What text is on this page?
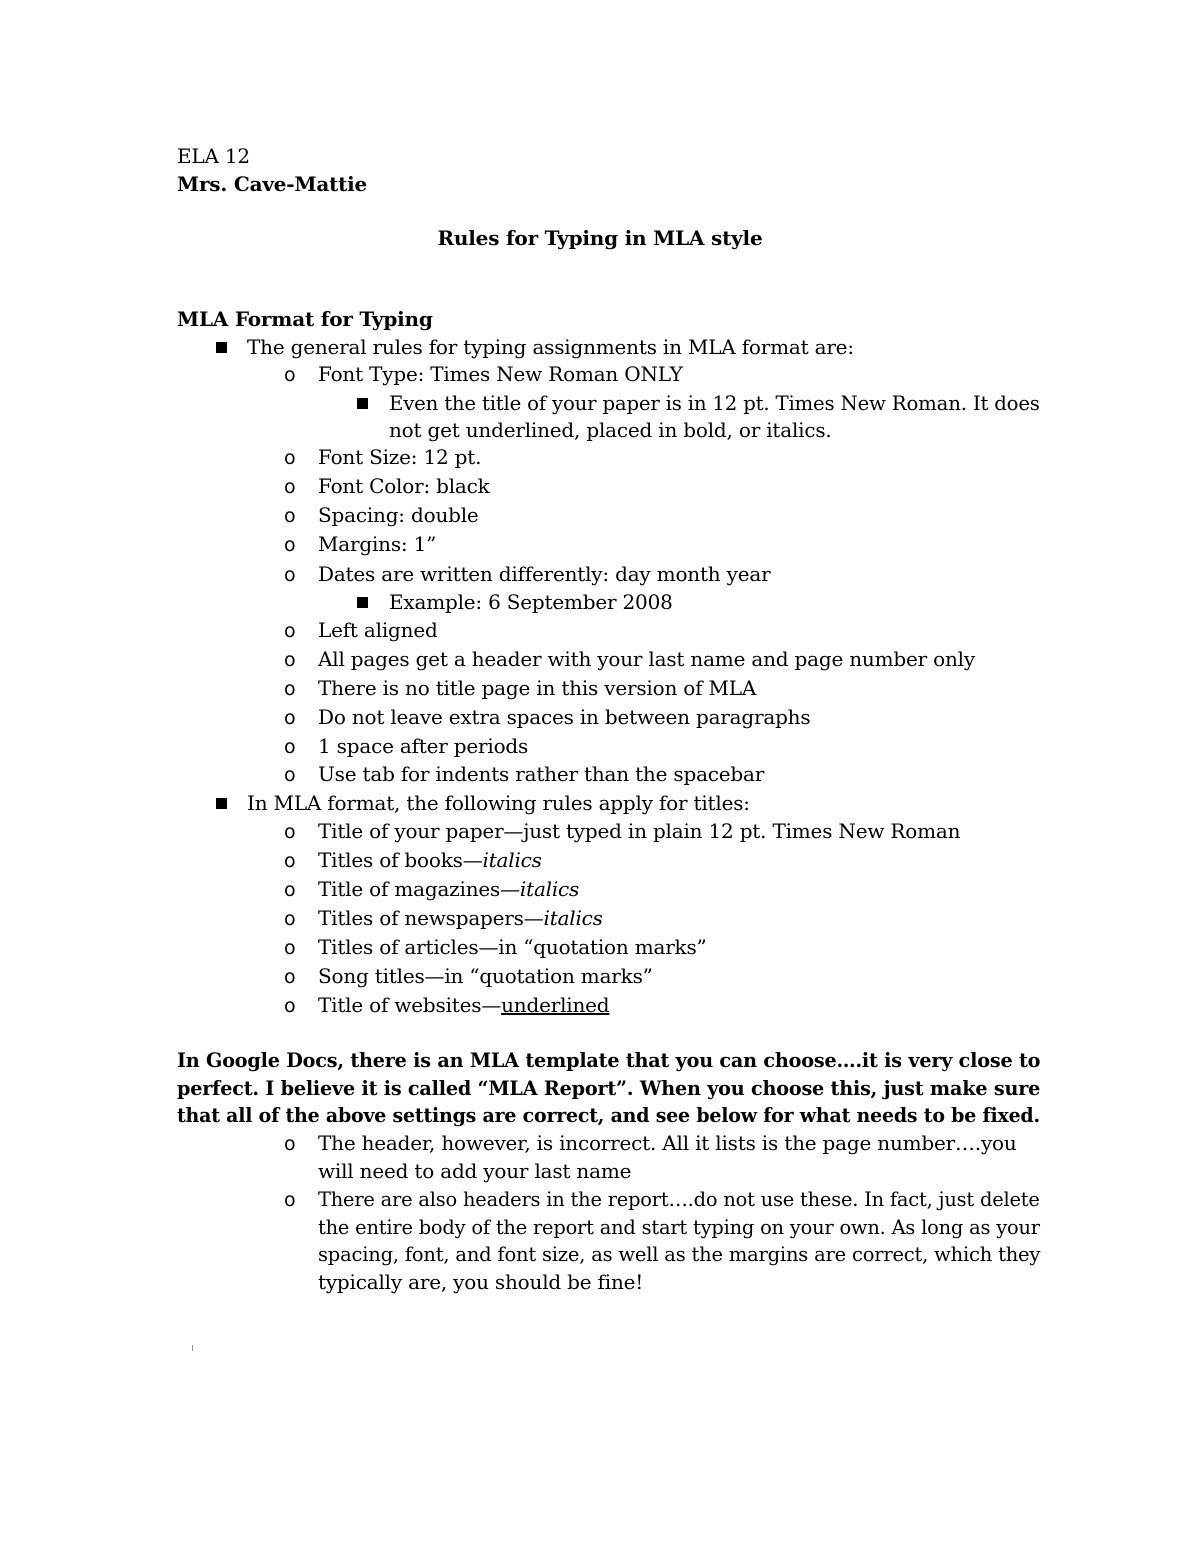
ELA 12
Mrs. Cave-Mattie
Rules for Typing in MLA style
MLA Format for Typing
The general rules for typing assignments in MLA format are:
o Font Type: Times New Roman ONLY
Even the title of your paper is in 12 pt. Times New Roman. It does
not get underlined, placed in bold, or italics.
o Font Size: 12 pt.
o Font Color: black
o Spacing: double
o Margins: 1”
o Dates are written differently: day month year
Example: 6 September 2008
o Left aligned
o All pages get a header with your last name and page number only
o There is no title page in this version of MLA
o Do not leave extra spaces in between paragraphs
o 1 space after periods
o Use tab for indents rather than the spacebar
In MLA format, the following rules apply for titles:
o Title of your paper—just typed in plain 12 pt. Times New Roman
o Titles of books—italics
o Title of magazines—italics
o Titles of newspapers—italics
o Titles of articles—in “quotation marks”
o Song titles—in “quotation marks”
o Title of websites—underlined
In Google Docs, there is an MLA template that you can choose….it is very close to
perfect. I believe it is called “MLA Report”. When you choose this, just make sure
that all of the above settings are correct, and see below for what needs to be fixed.
o The header, however, is incorrect. All it lists is the page number….you
will need to add your last name
o There are also headers in the report….do not use these. In fact, just delete
the entire body of the report and start typing on your own. As long as your
spacing, font, and font size, as well as the margins are correct, which they
typically are, you should be fine!
